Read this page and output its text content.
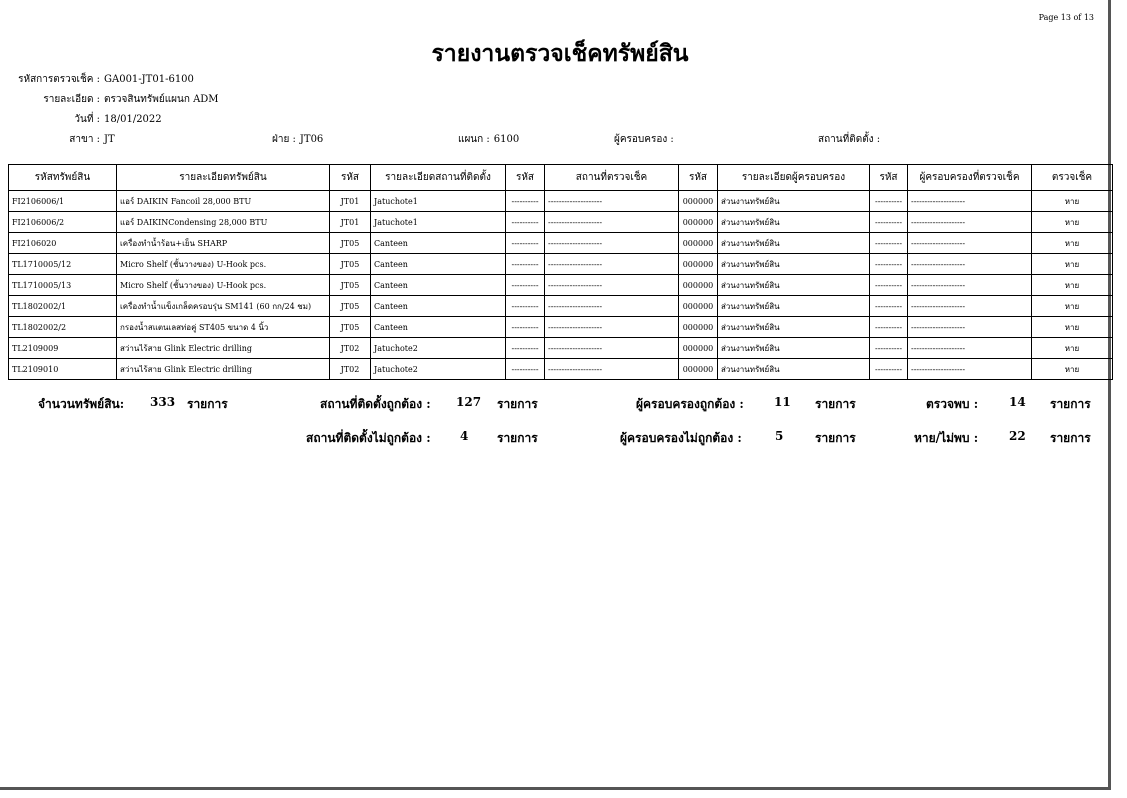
Page 13 of 13
รายงานตรวจเช็คทรัพย์สิน
รหัสการตรวจเช็ค : GA001-JT01-6100
รายละเอียด : ตรวจสินทรัพย์แผนก ADM
วันที่ : 18/01/2022
สาขา : JT	ฝ่าย : JT06	แผนก : 6100	ผู้ครอบครอง :	สถานที่ติดตั้ง :
รหัสทรัพย์สิน	รายละเอียดทรัพย์สิน	รหัส	รายละเอียดสถานที่ติดตั้ง	รหัส	สถานที่ตรวจเช็ค	รหัส	รายละเอียดผู้ครอบครอง	รหัส	ผู้ครอบครองที่ตรวจเช็ค	ตรวจเช็ค
FI2106006/1	แอร์ DAIKIN Fancoil 28,000 BTU	JT01	Jatuchote1	----------	--------------------	000000	ส่วนงานทรัพย์สิน	----------	--------------------	หาย
FI2106006/2	แอร์ DAIKINCondensing 28,000 BTU	JT01	Jatuchote1	----------	--------------------	000000	ส่วนงานทรัพย์สิน	----------	--------------------	หาย
FI2106020	เครื่องทำน้ำร้อน+เย็น SHARP	JT05	Canteen	----------	--------------------	000000	ส่วนงานทรัพย์สิน	----------	--------------------	หาย
TL1710005/12	Micro Shelf (ชั้นวางของ) U-Hook pcs.	JT05	Canteen	----------	--------------------	000000	ส่วนงานทรัพย์สิน	----------	--------------------	หาย
TL1710005/13	Micro Shelf (ชั้นวางของ) U-Hook pcs.	JT05	Canteen	----------	--------------------	000000	ส่วนงานทรัพย์สิน	----------	--------------------	หาย
TL1802002/1	เครื่องทำน้ำแข็งเกล็ดครอบรุ่น SM141 (60 กก/24 ชม)	JT05	Canteen	----------	--------------------	000000	ส่วนงานทรัพย์สิน	----------	--------------------	หาย
TL1802002/2	กรองน้ำสแตนเลสท่อคู่ ST405 ขนาด 4 นิ้ว	JT05	Canteen	----------	--------------------	000000	ส่วนงานทรัพย์สิน	----------	--------------------	หาย
TL2109009	สว่านไร้สาย Glink Electric drilling	JT02	Jatuchote2	----------	--------------------	000000	ส่วนงานทรัพย์สิน	----------	--------------------	หาย
TL2109010	สว่านไร้สาย Glink Electric drilling	JT02	Jatuchote2	----------	--------------------	000000	ส่วนงานทรัพย์สิน	----------	--------------------	หาย
จำนวนทรัพย์สิน: 333 รายการ	สถานที่ติดตั้งถูกต้อง : 127 รายการ	ผู้ครอบครองถูกต้อง :	11 รายการ	ตรวจพบ :	14 รายการ
สถานที่ติดตั้งไม่ถูกต้อง : 4 รายการ	ผู้ครอบครองไม่ถูกต้อง :	5	รายการ	หาย/ไม่พบ :	22 รายการ
